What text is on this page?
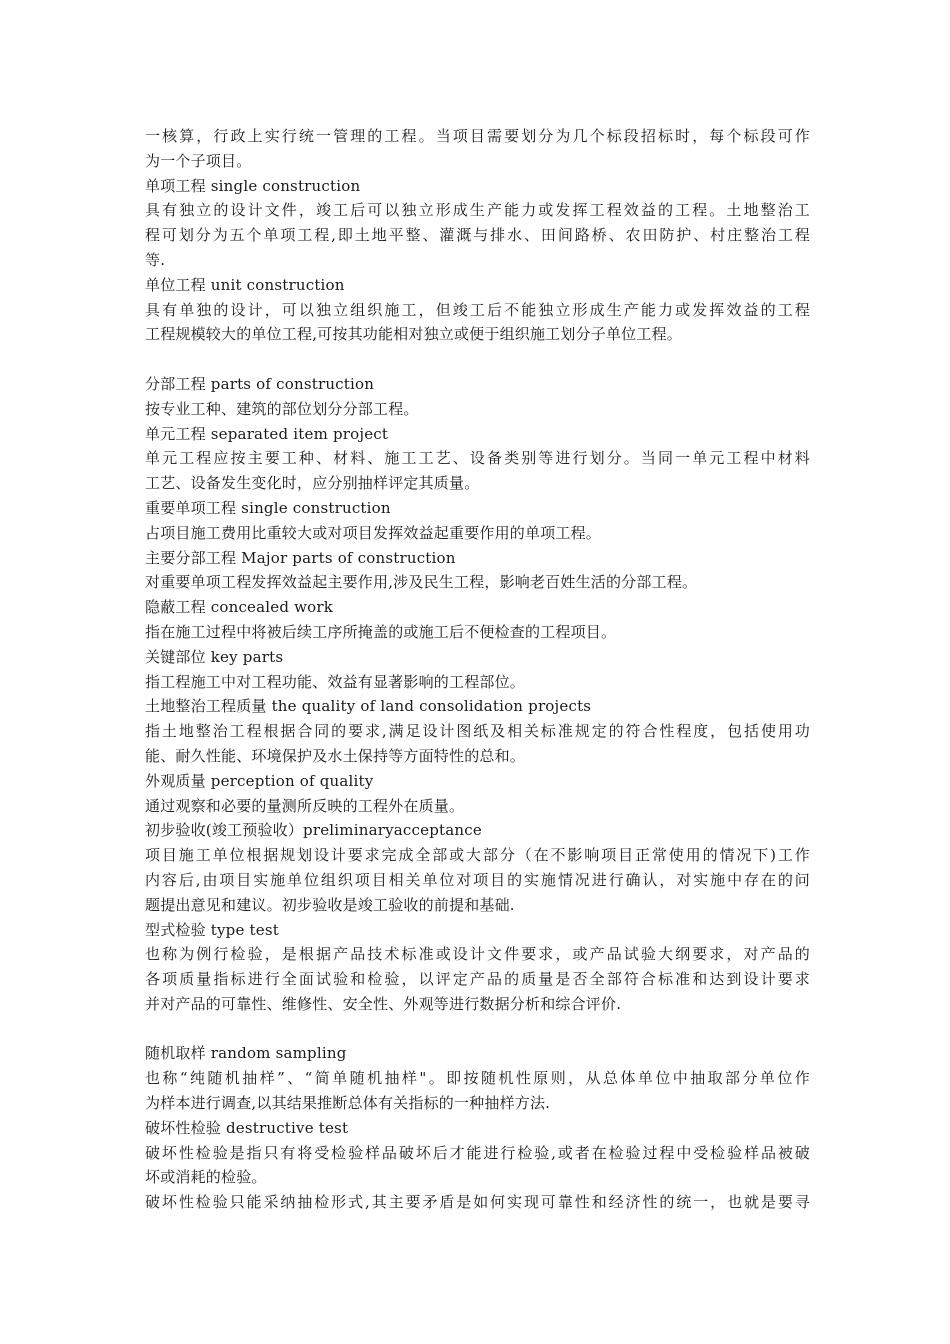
一核算，行政上实行统一管理的工程。当项目需要划分为几个标段招标时，每个标段可作
为一个子项目。
单项工程 single construction
具有独立的设计文件，竣工后可以独立形成生产能力或发挥工程效益的工程。土地整治工
程可划分为五个单项工程,即土地平整、灌溉与排水、田间路桥、农田防护、村庄整治工程
等.
单位工程 unit construction
具有单独的设计，可以独立组织施工，但竣工后不能独立形成生产能力或发挥效益的工程
工程规模较大的单位工程,可按其功能相对独立或便于组织施工划分子单位工程。
分部工程 parts of construction
按专业工种、建筑的部位划分分部工程。
单元工程 separated item project
单元工程应按主要工种、材料、施工工艺、设备类别等进行划分。当同一单元工程中材料
工艺、设备发生变化时，应分别抽样评定其质量。
重要单项工程 single construction
占项目施工费用比重较大或对项目发挥效益起重要作用的单项工程。
主要分部工程 Major parts of construction
对重要单项工程发挥效益起主要作用,涉及民生工程，影响老百姓生活的分部工程。
隐蔽工程 concealed work
指在施工过程中将被后续工序所掩盖的或施工后不便检查的工程项目。
关键部位 key parts
指工程施工中对工程功能、效益有显著影响的工程部位。
土地整治工程质量 the quality of land consolidation projects
指土地整治工程根据合同的要求,满足设计图纸及相关标准规定的符合性程度，包括使用功
能、耐久性能、环境保护及水土保持等方面特性的总和。
外观质量 perception of quality
通过观察和必要的量测所反映的工程外在质量。
初步验收(竣工预验收）preliminaryacceptance
项目施工单位根据规划设计要求完成全部或大部分（在不影响项目正常使用的情况下)工作
内容后,由项目实施单位组织项目相关单位对项目的实施情况进行确认，对实施中存在的问
题提出意见和建议。初步验收是竣工验收的前提和基础.
型式检验 type test
也称为例行检验，是根据产品技术标准或设计文件要求，或产品试验大纲要求，对产品的
各项质量指标进行全面试验和检验，以评定产品的质量是否全部符合标准和达到设计要求
并对产品的可靠性、维修性、安全性、外观等进行数据分析和综合评价.
随机取样 random sampling
也称“纯随机抽样”、“简单随机抽样"。即按随机性原则，从总体单位中抽取部分单位作
为样本进行调查,以其结果推断总体有关指标的一种抽样方法.
破坏性检验 destructive test
破坏性检验是指只有将受检验样品破坏后才能进行检验,或者在检验过程中受检验样品被破
坏或消耗的检验。
破坏性检验只能采纳抽检形式,其主要矛盾是如何实现可靠性和经济性的统一，也就是要寻
